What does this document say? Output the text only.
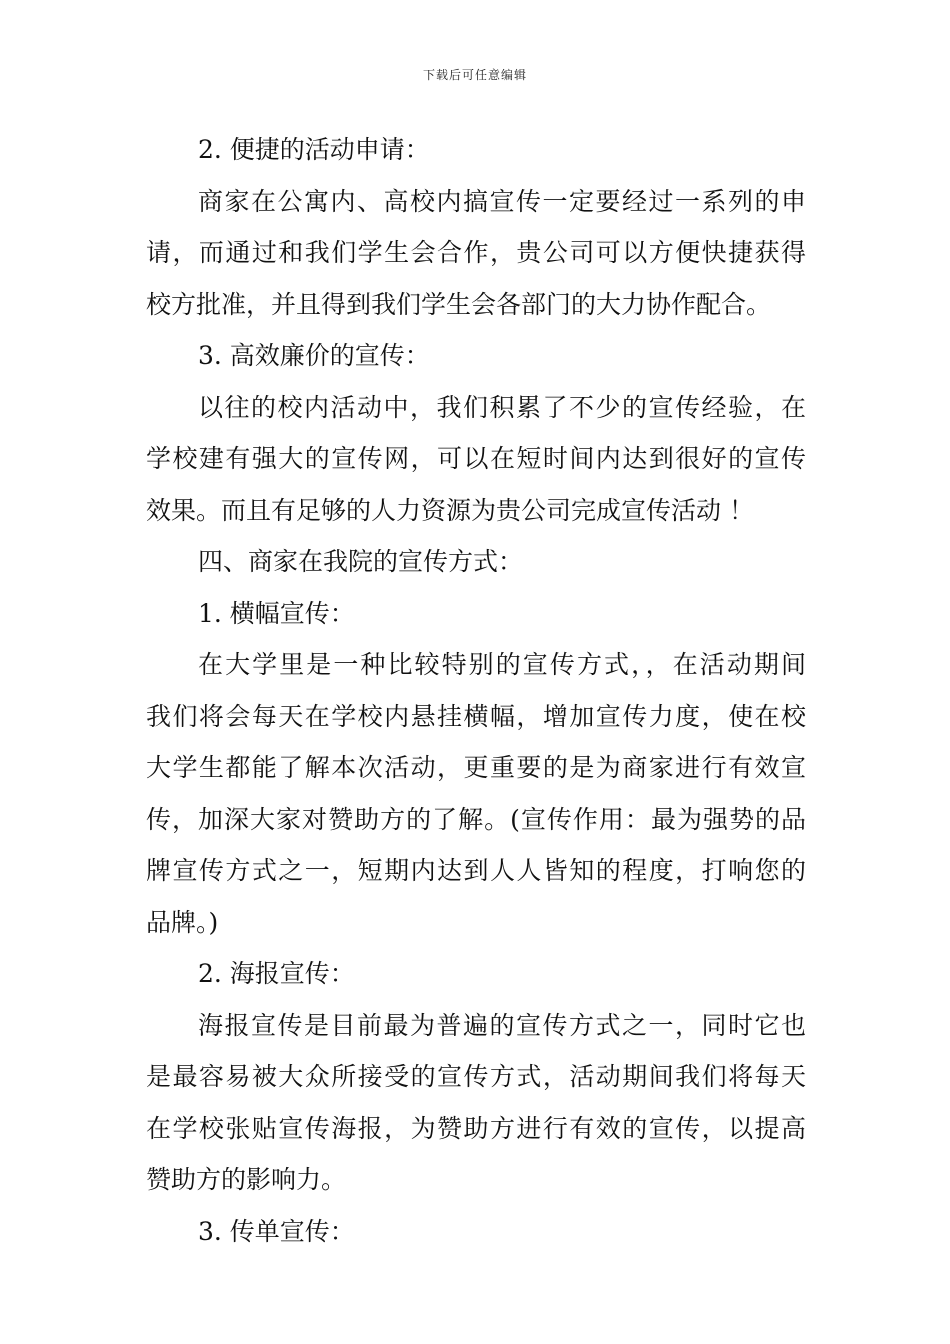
下载后可任意编辑
2. 便捷的活动申请：
商家在公寓内、高校内搞宣传一定要经过一系列的申
请，而通过和我们学生会合作，贵公司可以方便快捷获得
校方批准，并且得到我们学生会各部门的大力协作配合。
3. 高效廉价的宣传：
以往的校内活动中，我们积累了不少的宣传经验，在
学校建有强大的宣传网，可以在短时间内达到很好的宣传
效果。而且有足够的人力资源为贵公司完成宣传活动 ！
四、商家在我院的宣传方式：
1. 横幅宣传：
在大学里是一种比较特别的宣传方式，，在活动期间
我们将会每天在学校内悬挂横幅，增加宣传力度，使在校
大学生都能了解本次活动，更重要的是为商家进行有效宣
传，加深大家对赞助方的了解。(宣传作用：最为强势的品
牌宣传方式之一，短期内达到人人皆知的程度，打响您的
品牌。)
2. 海报宣传：
海报宣传是目前最为普遍的宣传方式之一，同时它也
是最容易被大众所接受的宣传方式，活动期间我们将每天
在学校张贴宣传海报，为赞助方进行有效的宣传，以提高
赞助方的影响力。
3. 传单宣传：
